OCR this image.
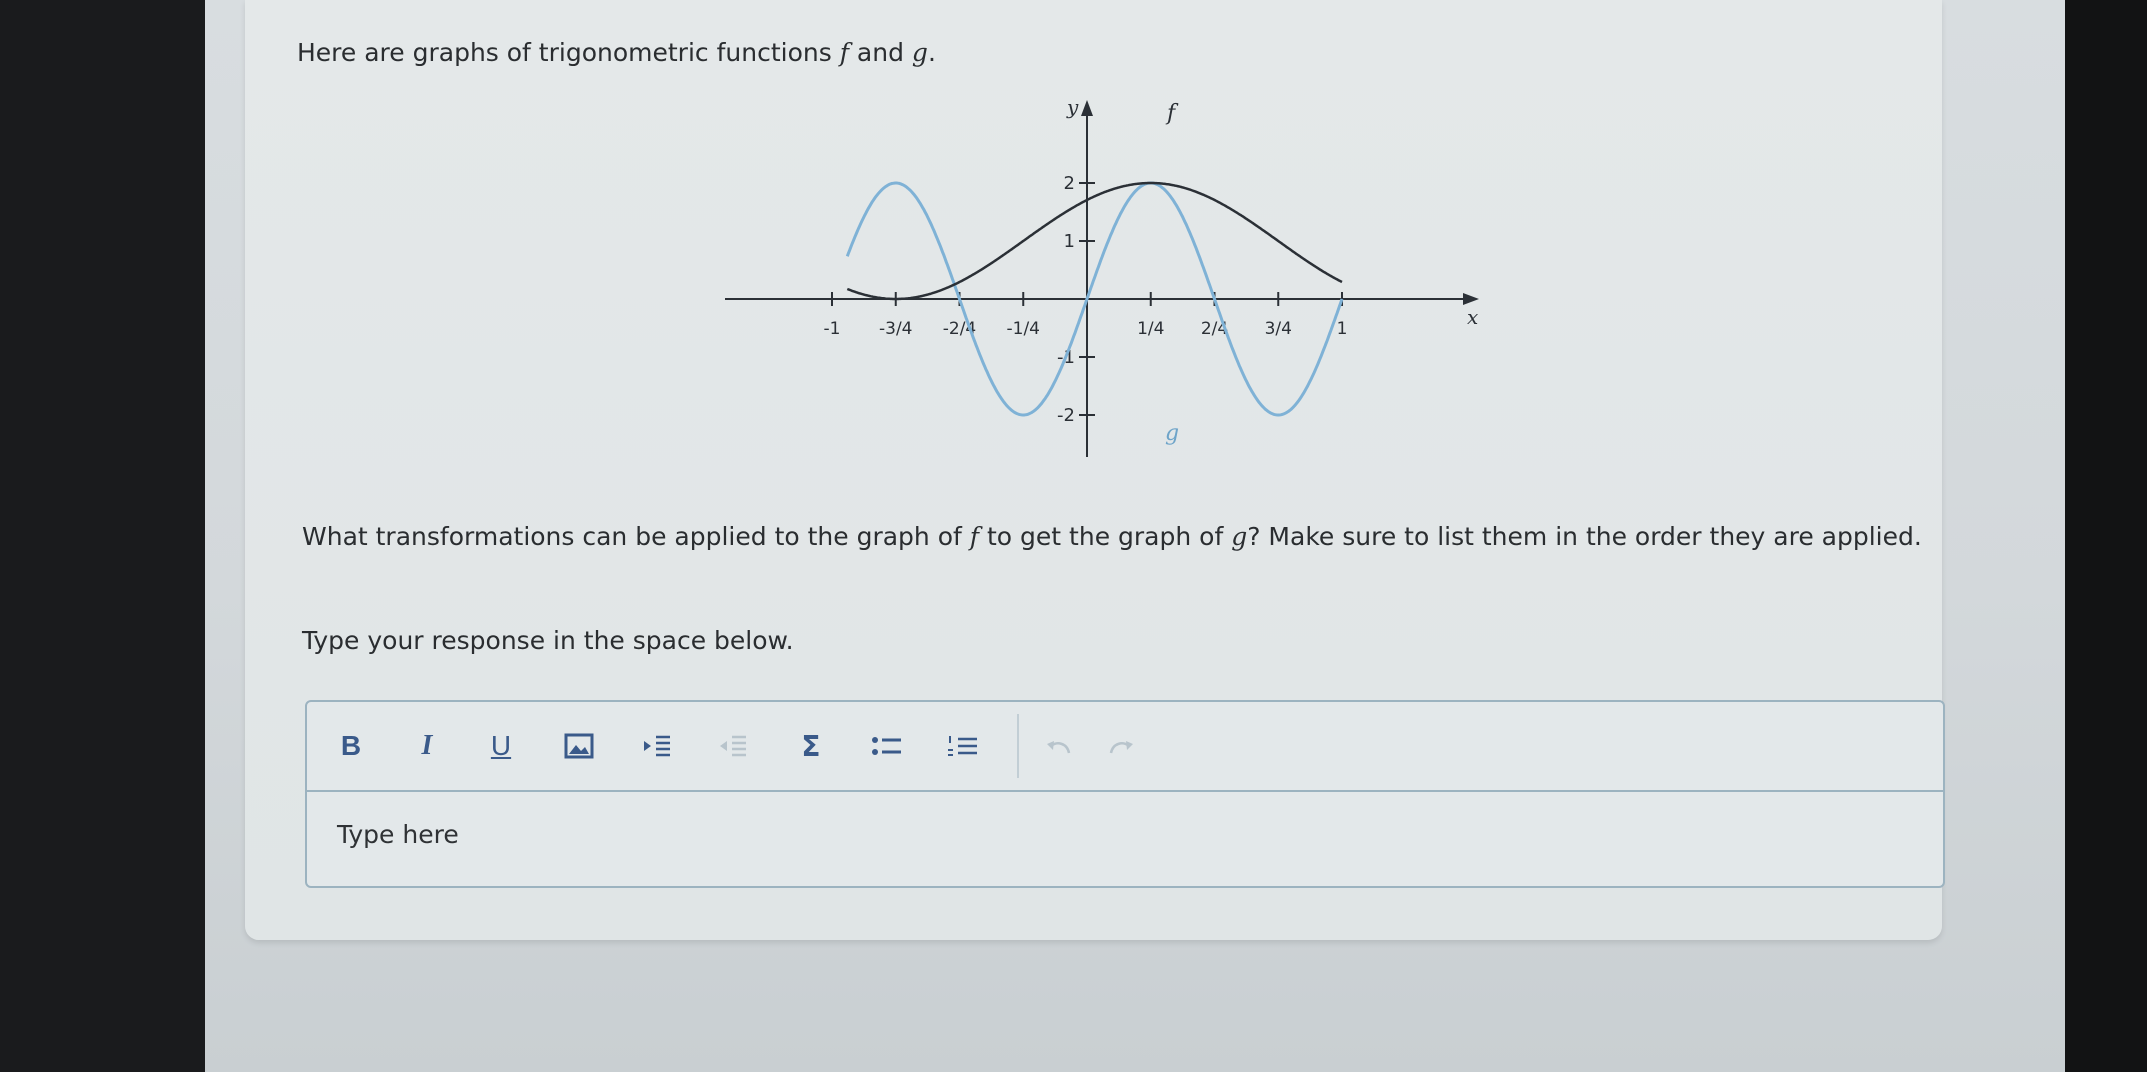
Here are graphs of trigonometric functions f and g.

-1 -3/4 -2/4 -1/4	1/4 2/4 3/4	1
2
1
-1
-2
x
y	f
g

What transformations can be applied to the graph of f to get the graph of g? Make sure to list them in the order they are applied.

Type your response in the space below.

B I U	Σ

Type here
